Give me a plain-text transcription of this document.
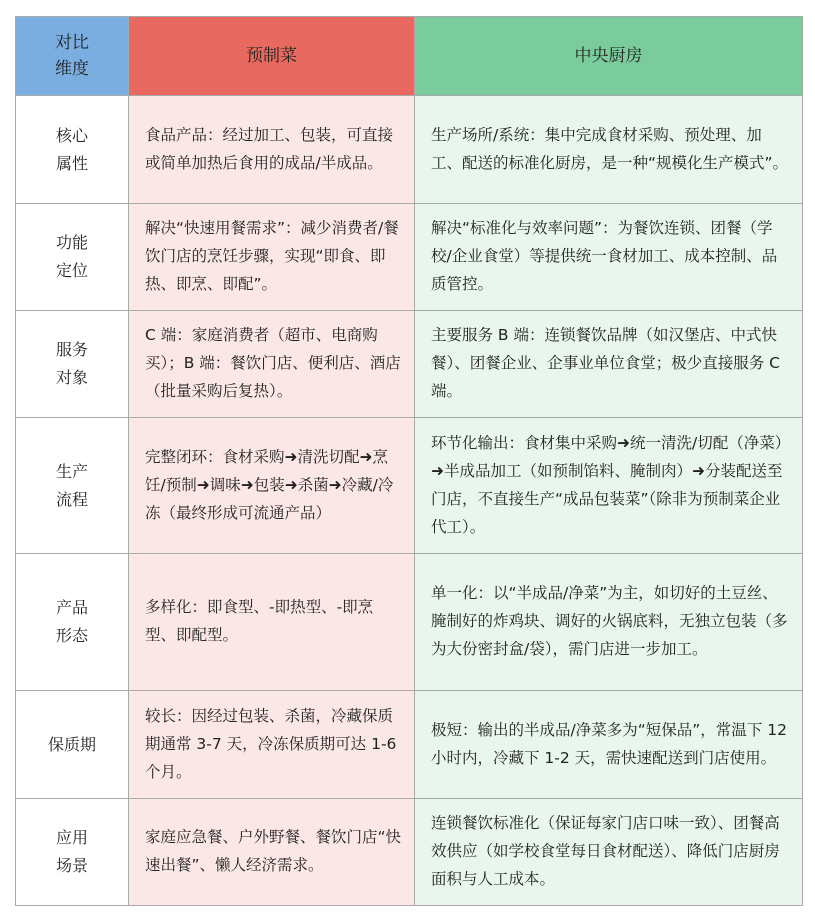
对比
维度	预制菜	中央厨房

核心
属性	食品产品：经过加工、包装，可直接或简单加热后食用的成品/半成品。	生产场所/系统：集中完成食材采购、预处理、加工、配送的标准化厨房，是一种“规模化生产模式”。

功能
定位	解决“快速用餐需求”：减少消费者/餐饮门店的烹饪步骤，实现“即食、即热、即烹、即配”。	解决“标准化与效率问题”：为餐饮连锁、团餐（学校/企业食堂）等提供统一食材加工、成本控制、品质管控。

服务
对象	C 端：家庭消费者（超市、电商购买）；B 端：餐饮门店、便利店、酒店（批量采购后复热）。	主要服务 B 端：连锁餐饮品牌（如汉堡店、中式快餐）、团餐企业、企事业单位食堂；极少直接服务 C 端。

生产
流程	完整闭环：食材采购➜清洗切配➜烹饪/预制➜调味➜包装➜杀菌➜冷藏/冷冻（最终形成可流通产品）	环节化输出：食材集中采购➜统一清洗/切配（净菜）➜半成品加工（如预制馅料、腌制肉）➜分装配送至门店，不直接生产“成品包装菜”（除非为预制菜企业代工）。

产品
形态	多样化：即食型、-即热型、-即烹型、即配型。	单一化：以“半成品/净菜”为主，如切好的土豆丝、腌制好的炸鸡块、调好的火锅底料，无独立包装（多为大份密封盒/袋），需门店进一步加工。

保质期	较长：因经过包装、杀菌，冷藏保质期通常 3-7 天，冷冻保质期可达 1-6 个月。	极短：输出的半成品/净菜多为“短保品”，常温下 12 小时内，冷藏下 1-2 天，需快速配送到门店使用。

应用
场景	家庭应急餐、户外野餐、餐饮门店“快速出餐”、懒人经济需求。	连锁餐饮标准化（保证每家门店口味一致）、团餐高效供应（如学校食堂每日食材配送）、降低门店厨房面积与人工成本。
